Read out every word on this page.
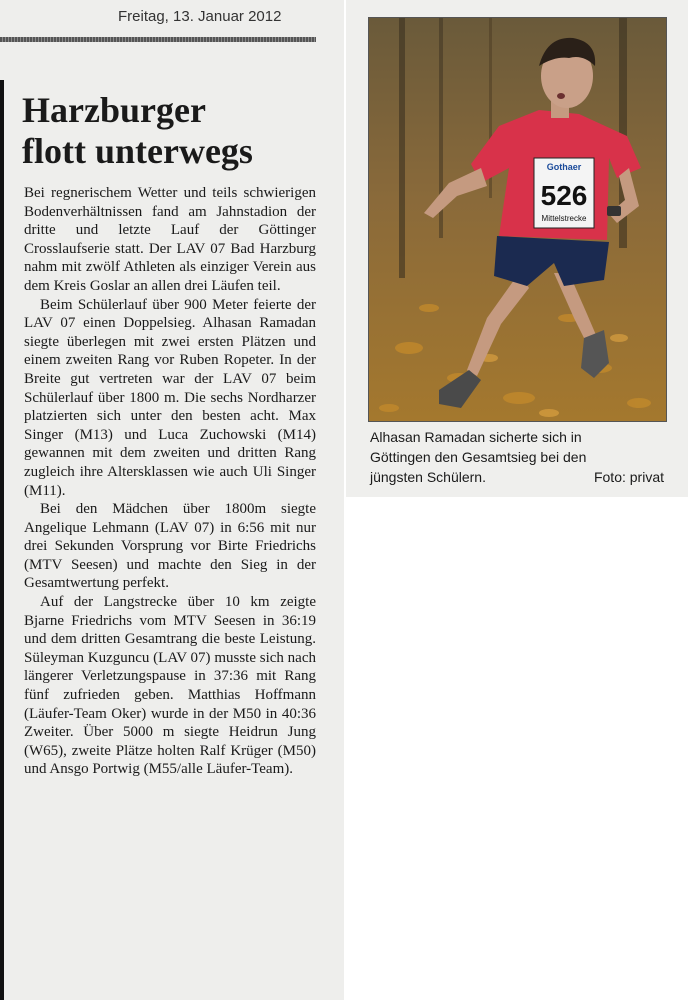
Freitag, 13. Januar 2012
Harzburger
flott unterwegs

Bei regnerischem Wetter und teils schwierigen Bodenverhältnissen fand am Jahnstadion der dritte und letzte Lauf der Göttinger Crosslaufserie statt. Der LAV 07 Bad Harzburg nahm mit zwölf Athleten als einziger Verein aus dem Kreis Goslar an allen drei Läufen teil.

Beim Schülerlauf über 900 Meter feierte der LAV 07 einen Doppelsieg. Alhasan Ramadan siegte überlegen mit zwei ersten Plätzen und einem zweiten Rang vor Ruben Ropeter. In der Breite gut vertreten war der LAV 07 beim Schülerlauf über 1800 m. Die sechs Nordharzer platzierten sich unter den besten acht. Max Singer (M13) und Luca Zuchowski (M14) gewannen mit dem zweiten und dritten Rang zugleich ihre Altersklassen wie auch Uli Singer (M11).

Bei den Mädchen über 1800m siegte Angelique Lehmann (LAV 07) in 6:56 mit nur drei Sekunden Vorsprung vor Birte Friedrichs (MTV Seesen) und machte den Sieg in der Gesamtwertung perfekt.

Auf der Langstrecke über 10 km zeigte Bjarne Friedrichs vom MTV Seesen in 36:19 und dem dritten Gesamtrang die beste Leistung. Süleyman Kuzguncu (LAV 07) musste sich nach längerer Verletzungspause in 37:36 mit Rang fünf zufrieden geben. Matthias Hoffmann (Läufer-Team Oker) wurde in der M50 in 40:36 Zweiter. Über 5000 m siegte Heidrun Jung (W65), zweite Plätze holten Ralf Krüger (M50) und Ansgo Portwig (M55/alle Läufer-Team).

Gothaer
526
Mittelstrecke
Alhasan Ramadan sicherte sich in
Göttingen den Gesamtsieg bei den
jüngsten Schülern.	Foto: privat
